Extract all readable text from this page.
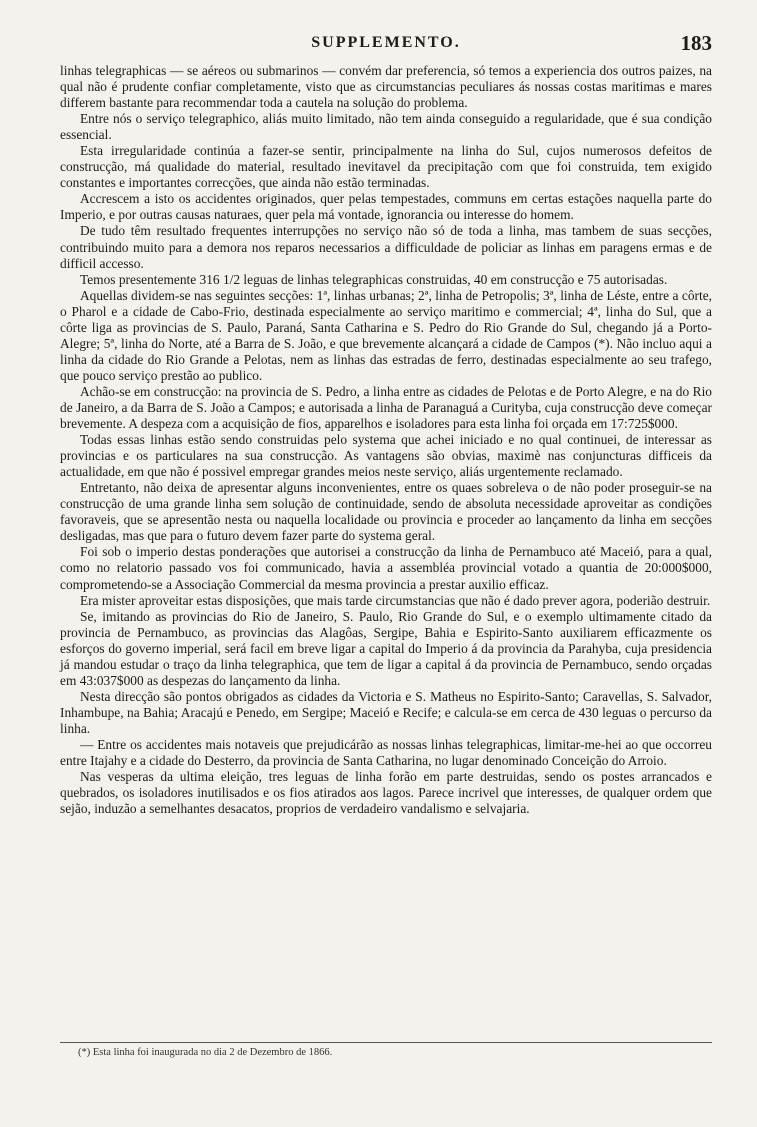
SUPPLEMENTO.	183

linhas telegraphicas — se aéreos ou submarinos — convém dar preferencia, só temos a experiencia dos outros paizes, na qual não é prudente confiar completamente, visto que as circumstancias peculiares ás nossas costas maritimas e mares differem bastante para recommendar toda a cautela na solução do problema.

Entre nós o serviço telegraphico, aliás muito limitado, não tem ainda conseguido a regularidade, que é sua condição essencial.

Esta irregularidade continúa a fazer-se sentir, principalmente na linha do Sul, cujos numerosos defeitos de construcção, má qualidade do material, resultado inevitavel da precipitação com que foi construida, tem exigido constantes e importantes correcções, que ainda não estão terminadas.

Accrescem a isto os accidentes originados, quer pelas tempestades, communs em certas estações naquella parte do Imperio, e por outras causas naturaes, quer pela má vontade, ignorancia ou interesse do homem.

De tudo têm resultado frequentes interrupções no serviço não só de toda a linha, mas tambem de suas secções, contribuindo muito para a demora nos reparos necessarios a difficuldade de policiar as linhas em paragens ermas e de difficil accesso.

Temos presentemente 316 1/2 leguas de linhas telegraphicas construidas, 40 em construcção e 75 autorisadas.

Aquellas dividem-se nas seguintes secções: 1ª, linhas urbanas; 2ª, linha de Petropolis; 3ª, linha de Léste, entre a côrte, o Pharol e a cidade de Cabo-Frio, destinada especialmente ao serviço maritimo e commercial; 4ª, linha do Sul, que a côrte liga as provincias de S. Paulo, Paraná, Santa Catharina e S. Pedro do Rio Grande do Sul, chegando já a Porto-Alegre; 5ª, linha do Norte, até a Barra de S. João, e que brevemente alcançará a cidade de Campos (*). Não incluo aqui a linha da cidade do Rio Grande a Pelotas, nem as linhas das estradas de ferro, destinadas especialmente ao seu trafego, que pouco serviço prestão ao publico.

Achão-se em construcção: na provincia de S. Pedro, a linha entre as cidades de Pelotas e de Porto Alegre, e na do Rio de Janeiro, a da Barra de S. João a Campos; e autorisada a linha de Paranaguá a Curityba, cuja construcção deve começar brevemente. A despeza com a acquisição de fios, apparelhos e isoladores para esta linha foi orçada em 17:725$000.

Todas essas linhas estão sendo construidas pelo systema que achei iniciado e no qual continuei, de interessar as provincias e os particulares na sua construcção. As vantagens são obvias, maximè nas conjuncturas difficeis da actualidade, em que não é possivel empregar grandes meios neste serviço, aliás urgentemente reclamado.

Entretanto, não deixa de apresentar alguns inconvenientes, entre os quaes sobreleva o de não poder proseguir-se na construcção de uma grande linha sem solução de continuidade, sendo de absoluta necessidade aproveitar as condições favoraveis, que se apresentão nesta ou naquella localidade ou provincia e proceder ao lançamento da linha em secções desligadas, mas que para o futuro devem fazer parte do systema geral.

Foi sob o imperio destas ponderações que autorisei a construcção da linha de Pernambuco até Maceió, para a qual, como no relatorio passado vos foi communicado, havia a assembléa provincial votado a quantia de 20:000$000, comprometendo-se a Associação Commercial da mesma provincia a prestar auxilio efficaz.

Era mister aproveitar estas disposições, que mais tarde circumstancias que não é dado prever agora, poderião destruir.

Se, imitando as provincias do Rio de Janeiro, S. Paulo, Rio Grande do Sul, e o exemplo ultimamente citado da provincia de Pernambuco, as provincias das Alagôas, Sergipe, Bahia e Espirito-Santo auxiliarem efficazmente os esforços do governo imperial, será facil em breve ligar a capital do Imperio á da provincia da Parahyba, cuja presidencia já mandou estudar o traço da linha telegraphica, que tem de ligar a capital á da provincia de Pernambuco, sendo orçadas em 43:037$000 as despezas do lançamento da linha.

Nesta direcção são pontos obrigados as cidades da Victoria e S. Matheus no Espirito-Santo; Caravellas, S. Salvador, Inhambupe, na Bahia; Aracajú e Penedo, em Sergipe; Maceió e Recife; e calcula-se em cerca de 430 leguas o percurso da linha.

— Entre os accidentes mais notaveis que prejudicárão as nossas linhas telegraphicas, limitar-me-hei ao que occorreu entre Itajahy e a cidade do Desterro, da provincia de Santa Catharina, no lugar denominado Conceição do Arroio.

Nas vesperas da ultima eleição, tres leguas de linha forão em parte destruidas, sendo os postes arrancados e quebrados, os isoladores inutilisados e os fios atirados aos lagos. Parece incrivel que interesses, de qualquer ordem que sejão, induzão a semelhantes desacatos, proprios de verdadeiro vandalismo e selvajaria.

(*) Esta linha foi inaugurada no dia 2 de Dezembro de 1866.
